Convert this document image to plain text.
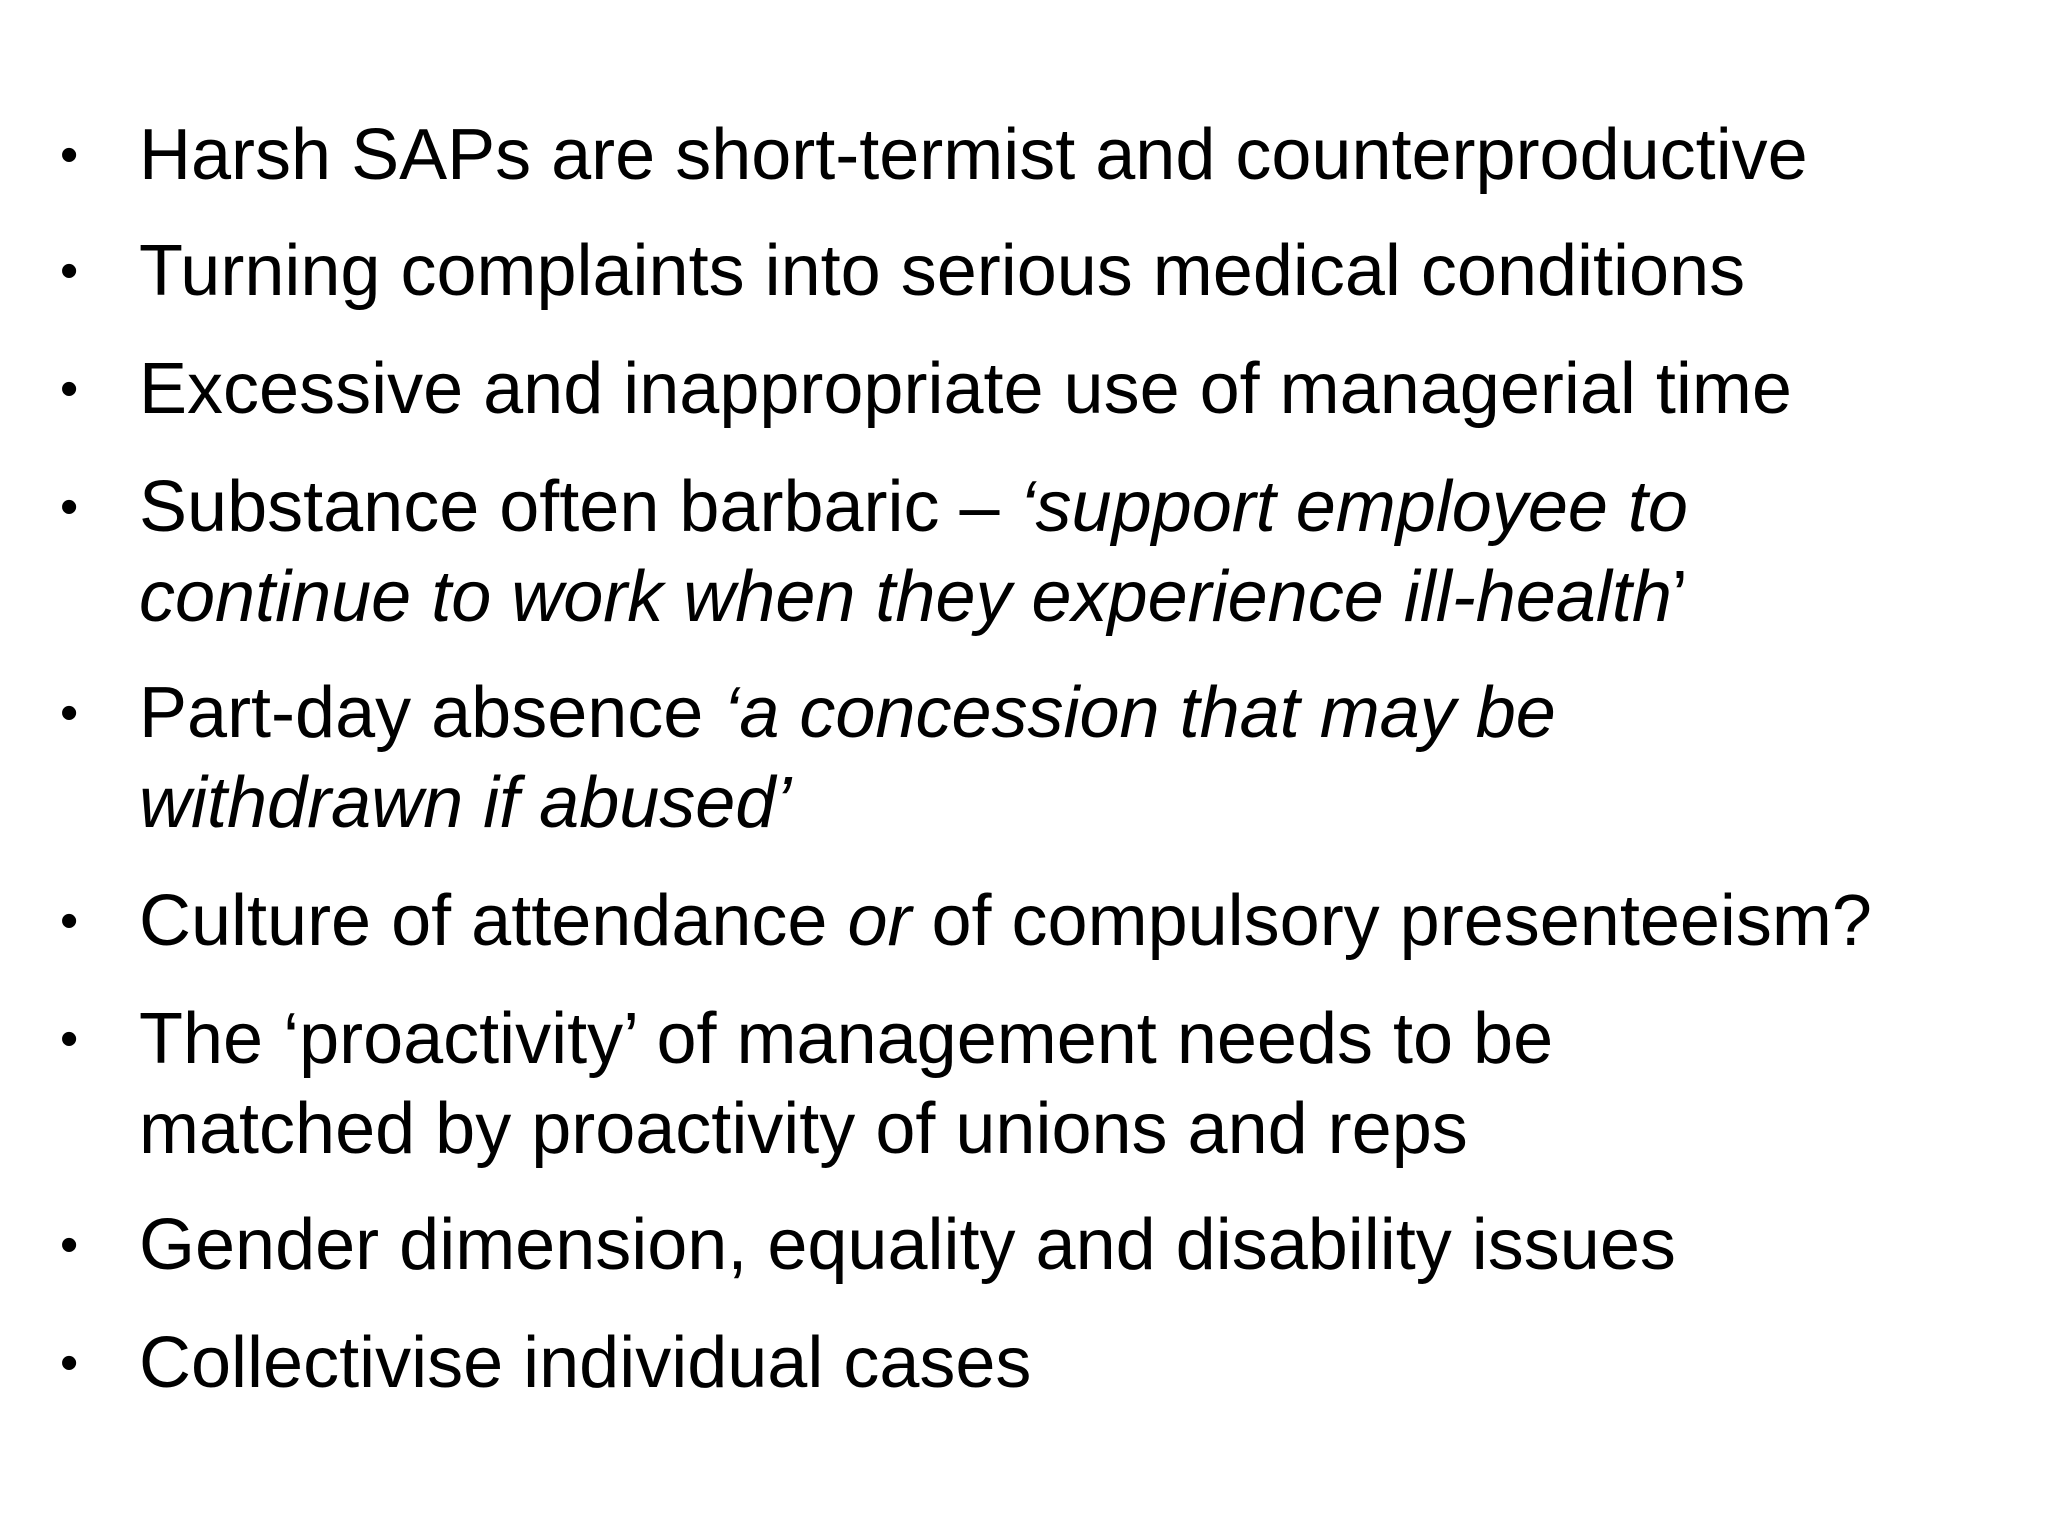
• Harsh SAPs are short-termist and counterproductive
• Turning complaints into serious medical conditions
• Excessive and inappropriate use of managerial time
• Substance often barbaric – ‘support employee to
continue to work when they experience ill-health’
• Part-day absence ‘a concession that may be
withdrawn if abused’
• Culture of attendance or of compulsory presenteeism?
• The ‘proactivity’ of management needs to be
matched by proactivity of unions and reps
• Gender dimension, equality and disability issues
• Collectivise individual cases
